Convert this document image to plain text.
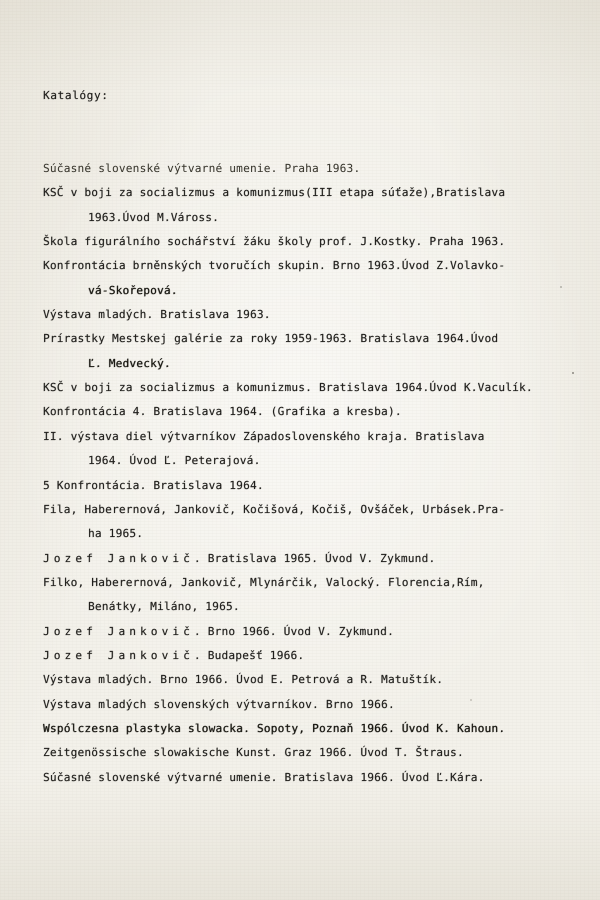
Katalógy:
Súčasné slovenské výtvarné umenie. Praha 1963.
KSČ v boji za socializmus a komunizmus(III etapa súťaže),Bratislava
1963.Úvod M.Váross.
Škola figurálního sochářství žáku školy prof. J.Kostky. Praha 1963.
Konfrontácia brněnských tvoručích skupin. Brno 1963.Úvod Z.Volavko-
vá-Skořepová.
Výstava mladých. Bratislava 1963.
Prírastky Mestskej galérie za roky 1959-1963. Bratislava 1964.Úvod
Ľ. Medvecký.
KSČ v boji za socializmus a komunizmus. Bratislava 1964.Úvod K.Vaculík.
Konfrontácia 4. Bratislava 1964. (Grafika a kresba).
II. výstava diel výtvarníkov Západoslovenského kraja. Bratislava
1964. Úvod Ľ. Peterajová.
5 Konfrontácia. Bratislava 1964.
Fila, Haberernová, Jankovič, Kočišová, Kočiš, Ovšáček, Urbásek.Pra-
ha 1965.
Jozef Jankovič. Bratislava 1965. Úvod V. Zykmund.
Filko, Haberernová, Jankovič, Mlynárčik, Valocký. Florencia,Rím,
Benátky, Miláno, 1965.
Jozef Jankovič. Brno 1966. Úvod V. Zykmund.
Jozef Jankovič. Budapešť 1966.
Výstava mladých. Brno 1966. Úvod E. Petrová a R. Matuštík.
Výstava mladých slovenských výtvarníkov. Brno 1966.
Wspólczesna plastyka slowacka. Sopoty, Poznaň 1966. Úvod K. Kahoun.
Zeitgenössische slowakische Kunst. Graz 1966. Úvod T. Štraus.
Súčasné slovenské výtvarné umenie. Bratislava 1966. Úvod Ľ.Kára.
